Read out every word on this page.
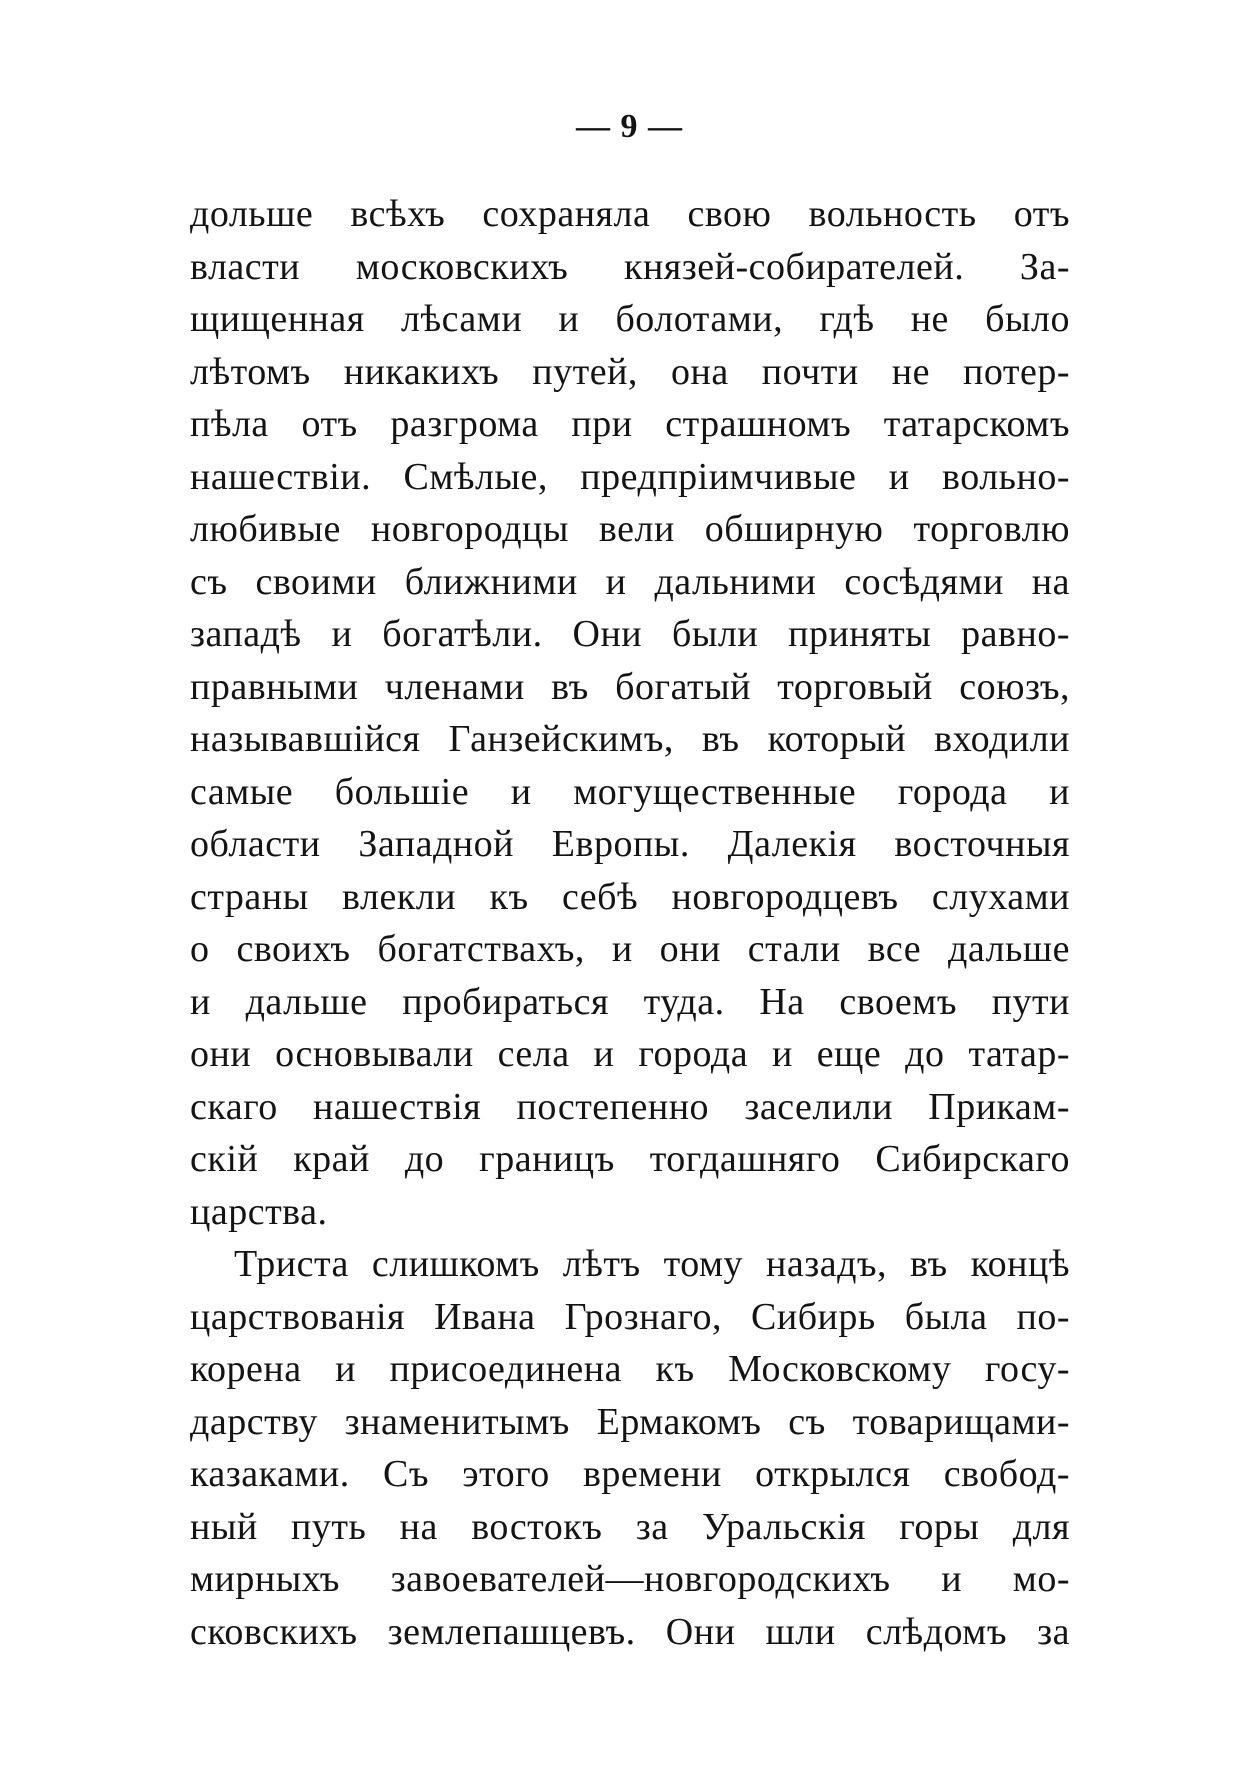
— 9 —
дольше всѣхъ сохраняла свою вольность отъ
власти московскихъ князей-собирателей. За-
щищенная лѣсами и болотами, гдѣ не было
лѣтомъ никакихъ путей, она почти не потер-
пѣла отъ разгрома при страшномъ татарскомъ
нашествіи. Смѣлые, предпріимчивые и вольно-
любивые новгородцы вели обширную торговлю
съ своими ближними и дальними сосѣдями на
западѣ и богатѣли. Они были приняты равно-
правными членами въ богатый торговый союзъ,
называвшійся Ганзейскимъ, въ который входили
самые большіе и могущественные города и
области Западной Европы. Далекія восточныя
страны влекли къ себѣ новгородцевъ слухами
о своихъ богатствахъ, и они стали все дальше
и дальше пробираться туда. На своемъ пути
они основывали села и города и еще до татар-
скаго нашествія постепенно заселили Прикам-
скій край до границъ тогдашняго Сибирскаго
царства.
Триста слишкомъ лѣтъ тому назадъ, въ концѣ
царствованія Ивана Грознаго, Сибирь была по-
корена и присоединена къ Московскому госу-
дарству знаменитымъ Ермакомъ съ товарищами-
казаками. Съ этого времени открылся свобод-
ный путь на востокъ за Уральскія горы для
мирныхъ завоевателей—новгородскихъ и мо-
сковскихъ землепашцевъ. Они шли слѣдомъ за
